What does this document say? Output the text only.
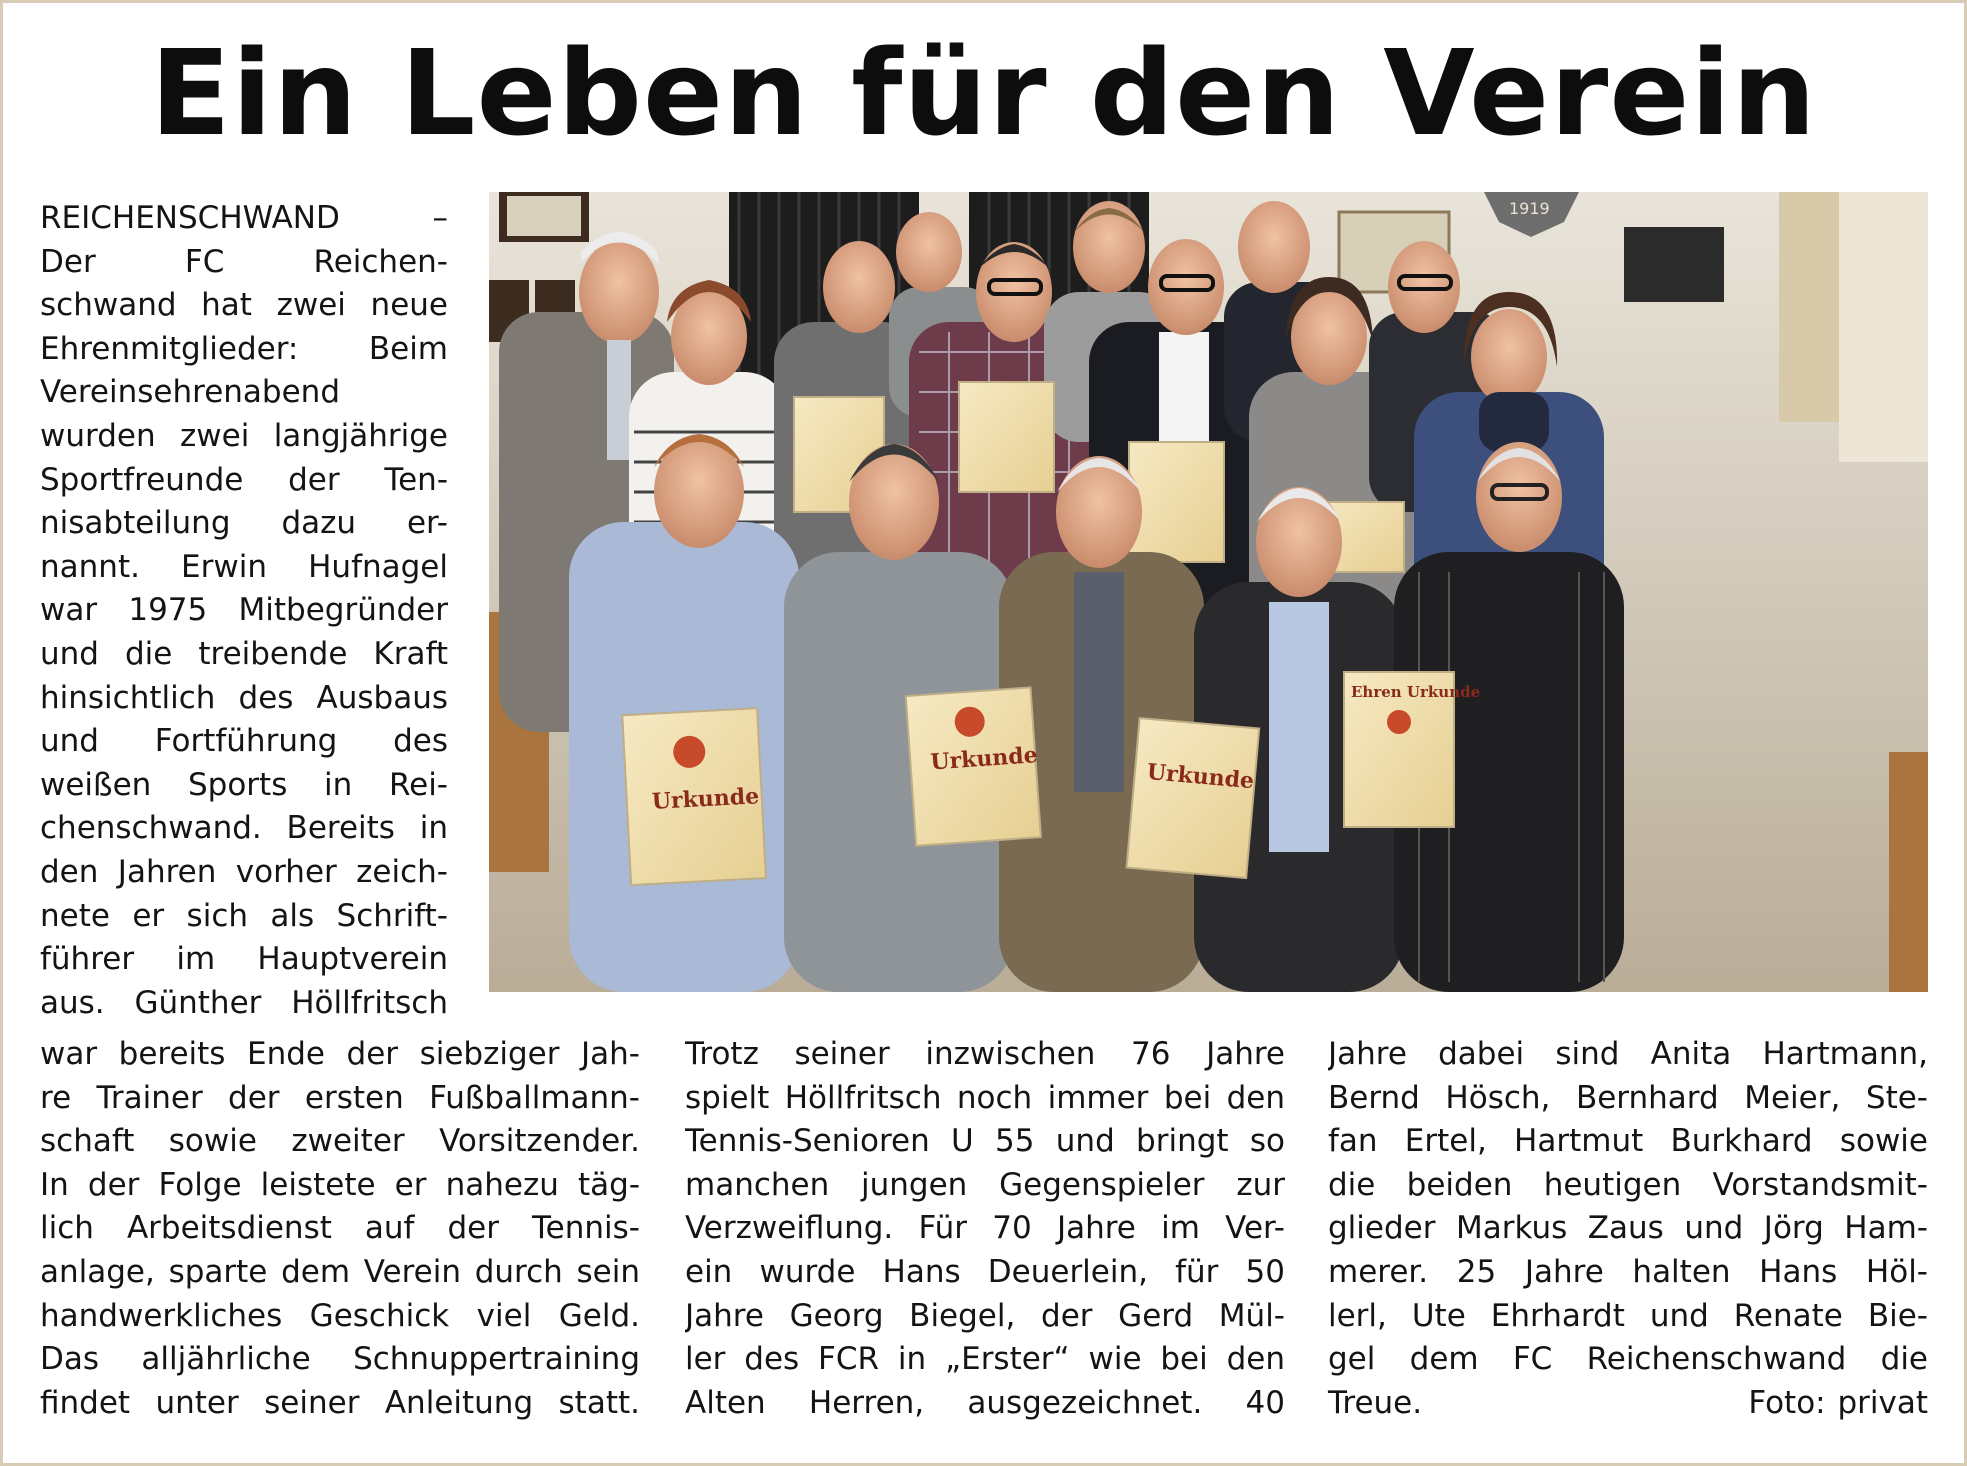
Ein Leben für den Verein
REICHENSCHWAND –
Der FC Reichen-
schwand hat zwei neue
Ehrenmitglieder: Beim
Vereinsehrenabend
wurden zwei langjährige
Sportfreunde der Ten-
nisabteilung dazu er-
nannt. Erwin Hufnagel
war 1975 Mitbegründer
und die treibende Kraft
hinsichtlich des Ausbaus
und Fortführung des
weißen Sports in Rei-
chenschwand. Bereits in
den Jahren vorher zeich-
nete er sich als Schrift-
führer im Hauptverein
aus. Günther Höllfritsch
1919
Urkunde
Urkunde
Urkunde
Ehren Urkunde
war bereits Ende der siebziger Jah-
re Trainer der ersten Fußballmann-
schaft sowie zweiter Vorsitzender.
In der Folge leistete er nahezu täg-
lich Arbeitsdienst auf der Tennis-
anlage, sparte dem Verein durch sein
handwerkliches Geschick viel Geld.
Das alljährliche Schnuppertraining
findet unter seiner Anleitung statt.
Trotz seiner inzwischen 76 Jahre
spielt Höllfritsch noch immer bei den
Tennis-Senioren U 55 und bringt so
manchen jungen Gegenspieler zur
Verzweiflung. Für 70 Jahre im Ver-
ein wurde Hans Deuerlein, für 50
Jahre Georg Biegel, der Gerd Mül-
ler des FCR in „Erster“ wie bei den
Alten Herren, ausgezeichnet. 40
Jahre dabei sind Anita Hartmann,
Bernd Hösch, Bernhard Meier, Ste-
fan Ertel, Hartmut Burkhard sowie
die beiden heutigen Vorstandsmit-
glieder Markus Zaus und Jörg Ham-
merer. 25 Jahre halten Hans Höl-
lerl, Ute Ehrhardt und Renate Bie-
gel dem FC Reichenschwand die
Treue.	Foto: privat
